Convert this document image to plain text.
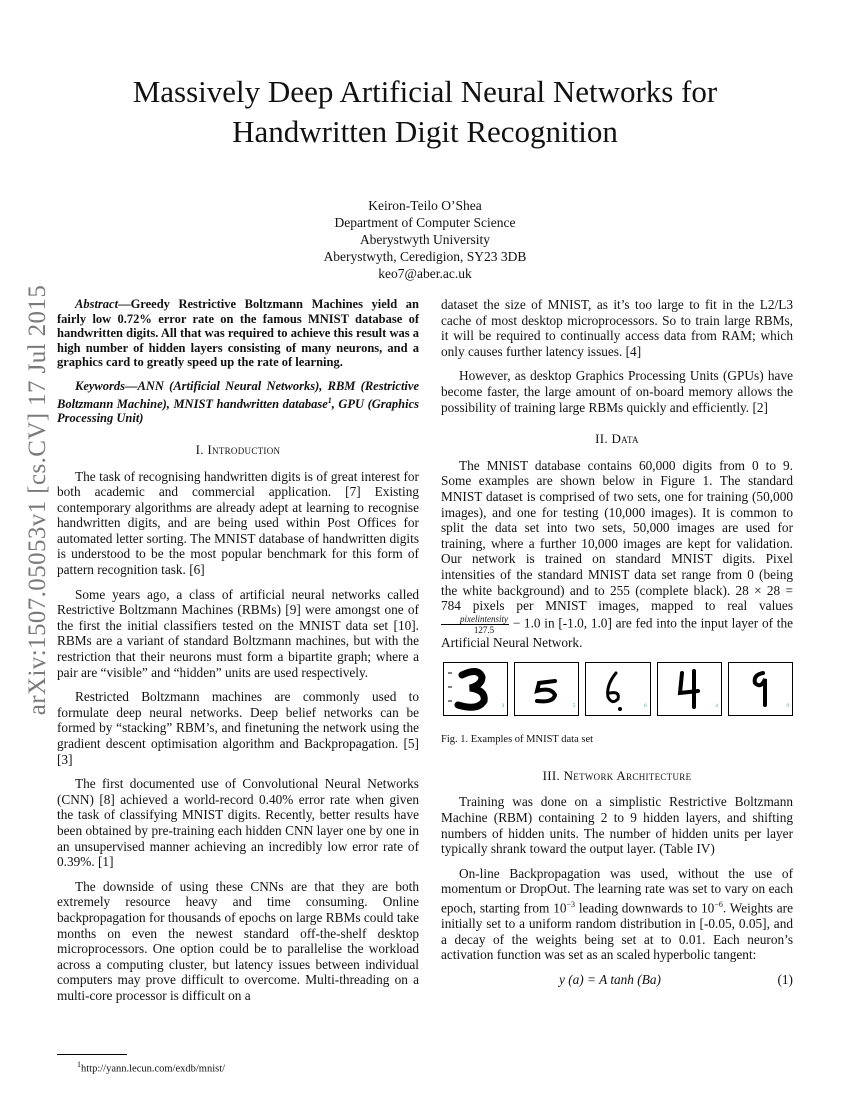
arXiv:1507.05053v1 [cs.CV] 17 Jul 2015
Massively Deep Artificial Neural Networks for
Handwritten Digit Recognition
Keiron-Teilo O’Shea
Department of Computer Science
Aberystwyth University
Aberystwyth, Ceredigion, SY23 3DB
keo7@aber.ac.uk

Abstract—Greedy Restrictive Boltzmann Machines yield an fairly low 0.72% error rate on the famous MNIST database of handwritten digits. All that was required to achieve this result was a high number of hidden layers consisting of many neurons, and a graphics card to greatly speed up the rate of learning.

Keywords—ANN (Artificial Neural Networks), RBM (Restrictive Boltzmann Machine), MNIST handwritten database$^1$, GPU (Graphics Processing Unit)

I. Introduction

The task of recognising handwritten digits is of great interest for both academic and commercial application. [7] Existing contemporary algorithms are already adept at learning to recognise handwritten digits, and are being used within Post Offices for automated letter sorting. The MNIST database of handwritten digits is understood to be the most popular benchmark for this form of pattern recognition task. [6]

Some years ago, a class of artificial neural networks called Restrictive Boltzmann Machines (RBMs) [9] were amongst one of the first the initial classifiers tested on the MNIST data set [10]. RBMs are a variant of standard Boltzmann machines, but with the restriction that their neurons must form a bipartite graph; where a pair are “visible” and “hidden” units are used respectively.

Restricted Boltzmann machines are commonly used to formulate deep neural networks. Deep belief networks can be formed by “stacking” RBM’s, and finetuning the network using the gradient descent optimisation algorithm and Backpropagation. [5] [3]

The first documented use of Convolutional Neural Networks (CNN) [8] achieved a world-record 0.40% error rate when given the task of classifying MNIST digits. Recently, better results have been obtained by pre-training each hidden CNN layer one by one in an unsupervised manner achieving an incredibly low error rate of 0.39%. [1]

The downside of using these CNNs are that they are both extremely resource heavy and time consuming. Online backpropagation for thousands of epochs on large RBMs could take months on even the newest standard off-the-shelf desktop microprocessors. One option could be to parallelise the workload across a computing cluster, but latency issues between individual computers may prove difficult to overcome. Multi-threading on a multi-core processor is difficult on a

dataset the size of MNIST, as it’s too large to fit in the L2/L3 cache of most desktop microprocessors. So to train large RBMs, it will be required to continually access data from RAM; which only causes further latency issues. [4]

However, as desktop Graphics Processing Units (GPUs) have become faster, the large amount of on-board memory allows the possibility of training large RBMs quickly and efficiently. [2]

II. Data

The MNIST database contains 60,000 digits from 0 to 9. Some examples are shown below in Figure 1. The standard MNIST dataset is comprised of two sets, one for training (50,000 images), and one for testing (10,000 images). It is common to split the data set into two sets, 50,000 images are used for training, where a further 10,000 images are kept for validation. Our network is trained on standard MNIST digits. Pixel intensities of the standard MNIST data set range from 0 (being the white background) and to 255 (complete black). 28 × 28 = 784 pixels per MNIST images, mapped to real values
$\frac{\text{pixelintensity}}{127.5} - 1.0$ in [-1.0, 1.0] are fed into the input layer of the Artificial Neural Network.

3	5	6	4	9
Fig. 1. Examples of MNIST data set
III. Network Architecture

Training was done on a simplistic Restrictive Boltzmann Machine (RBM) containing 2 to 9 hidden layers, and shifting numbers of hidden units. The number of hidden units per layer typically shrank toward the output layer. (Table IV)

On-line Backpropagation was used, without the use of momentum or DropOut. The learning rate was set to vary on each epoch, starting from $10^{-3}$ leading downwards to $10^{-6}$. Weights are initially set to a uniform random distribution in [-0.05, 0.05], and a decay of the weights being set at to 0.01. Each neuron’s activation function was set as an scaled hyperbolic tangent:

y (a) = A tanh (Ba)	(1)
$^1$http://yann.lecun.com/exdb/mnist/
